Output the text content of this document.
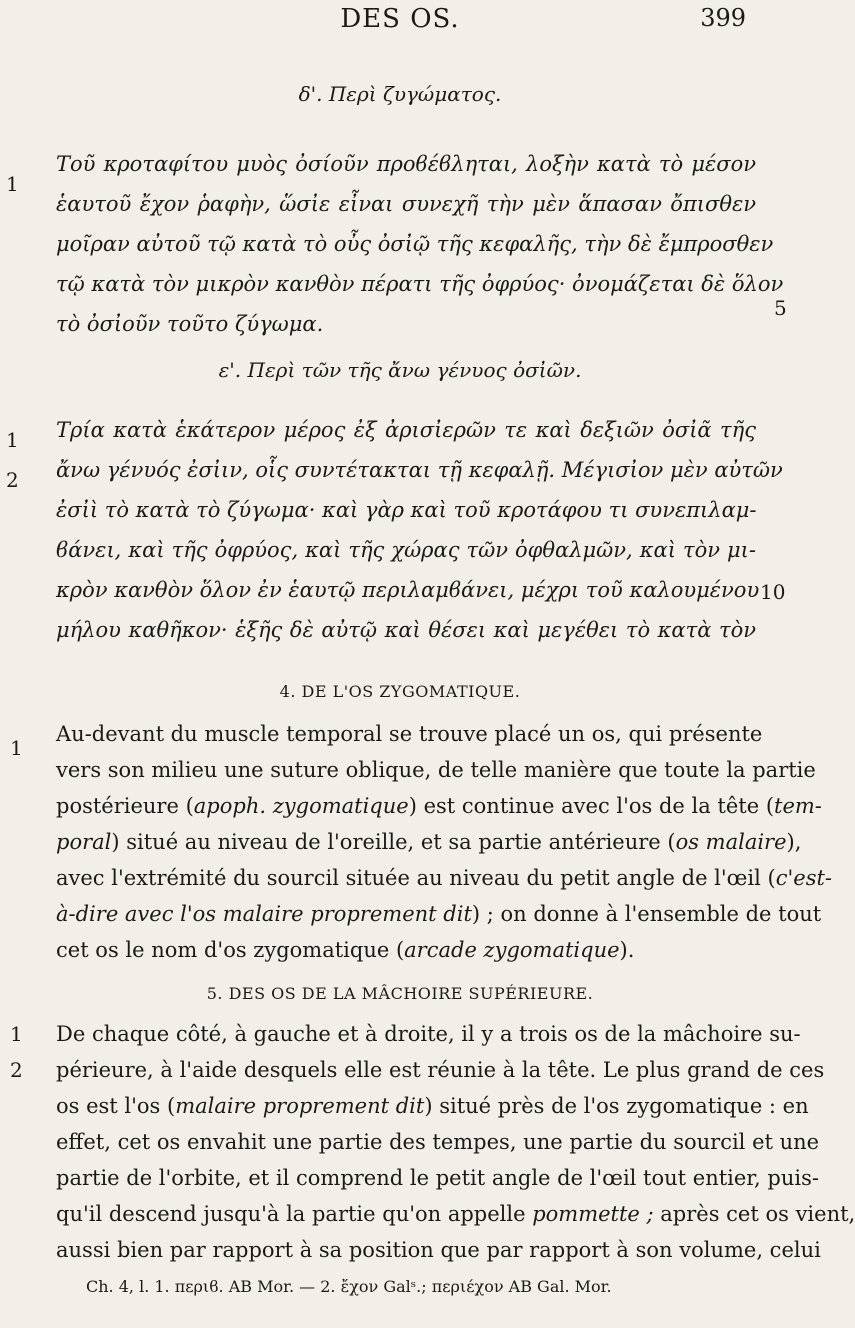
DES OS.	399
δ'. Περὶ ζυγώματος.
1
Τοῦ κροταφίτου μυὸς ὀσίοῦν προϐέϐληται, λοξὴν κατὰ τὸ μέσον
ἑαυτοῦ ἔχον ῥαφὴν, ὥσἰε εἶναι συνεχῆ τὴν μὲν ἅπασαν ὄπισθεν
μοῖραν αὐτοῦ τῷ κατὰ τὸ οὖς ὀσἰῷ τῆς κεφαλῆς, τὴν δὲ ἔμπροσθεν
τῷ κατὰ τὸν μικρὸν κανθὸν πέρατι τῆς ὀφρύος· ὀνομάζεται δὲ ὅλον
τὸ ὀσἰοῦν τοῦτο ζύγωμα.
5
ε'. Περὶ τῶν τῆς ἄνω γένυος ὀσἰῶν.
1
2
Τρία κατὰ ἑκάτερον μέρος ἐξ ἀρισἰερῶν τε καὶ δεξιῶν ὀσἰᾶ τῆς
ἄνω γένυός ἐσἰιν, οἷς συντέτακται τῇ κεφαλῇ. Μέγισἰον μὲν αὐτῶν
ἐσἰὶ τὸ κατὰ τὸ ζύγωμα· καὶ γὰρ καὶ τοῦ κροτάφου τι συνεπιλαμ-
ϐάνει, καὶ τῆς ὀφρύος, καὶ τῆς χώρας τῶν ὀφθαλμῶν, καὶ τὸν μι-
κρὸν κανθὸν ὅλον ἐν ἑαυτῷ περιλαμϐάνει, μέχρι τοῦ καλουμένου
μήλου καθῆκον· ἑξῆς δὲ αὐτῷ καὶ θέσει καὶ μεγέθει τὸ κατὰ τὸν
10
4. DE L'OS ZYGOMATIQUE.
1
Au-devant du muscle temporal se trouve placé un os, qui présente
vers son milieu une suture oblique, de telle manière que toute la partie
postérieure (apoph. zygomatique) est continue avec l'os de la tête (tem-
poral) situé au niveau de l'oreille, et sa partie antérieure (os malaire),
avec l'extrémité du sourcil située au niveau du petit angle de l'œil (c'est-
à-dire avec l'os malaire proprement dit) ; on donne à l'ensemble de tout
cet os le nom d'os zygomatique (arcade zygomatique).
5. DES OS DE LA MÂCHOIRE SUPÉRIEURE.
1
2
De chaque côté, à gauche et à droite, il y a trois os de la mâchoire su-
périeure, à l'aide desquels elle est réunie à la tête. Le plus grand de ces
os est l'os (malaire proprement dit) situé près de l'os zygomatique : en
effet, cet os envahit une partie des tempes, une partie du sourcil et une
partie de l'orbite, et il comprend le petit angle de l'œil tout entier, puis-
qu'il descend jusqu'à la partie qu'on appelle pommette ; après cet os vient,
aussi bien par rapport à sa position que par rapport à son volume, celui
Ch. 4, l. 1. περιϐ. AB Mor. — 2. ἔχον Galˢ.; περιέχον AB Gal. Mor.
